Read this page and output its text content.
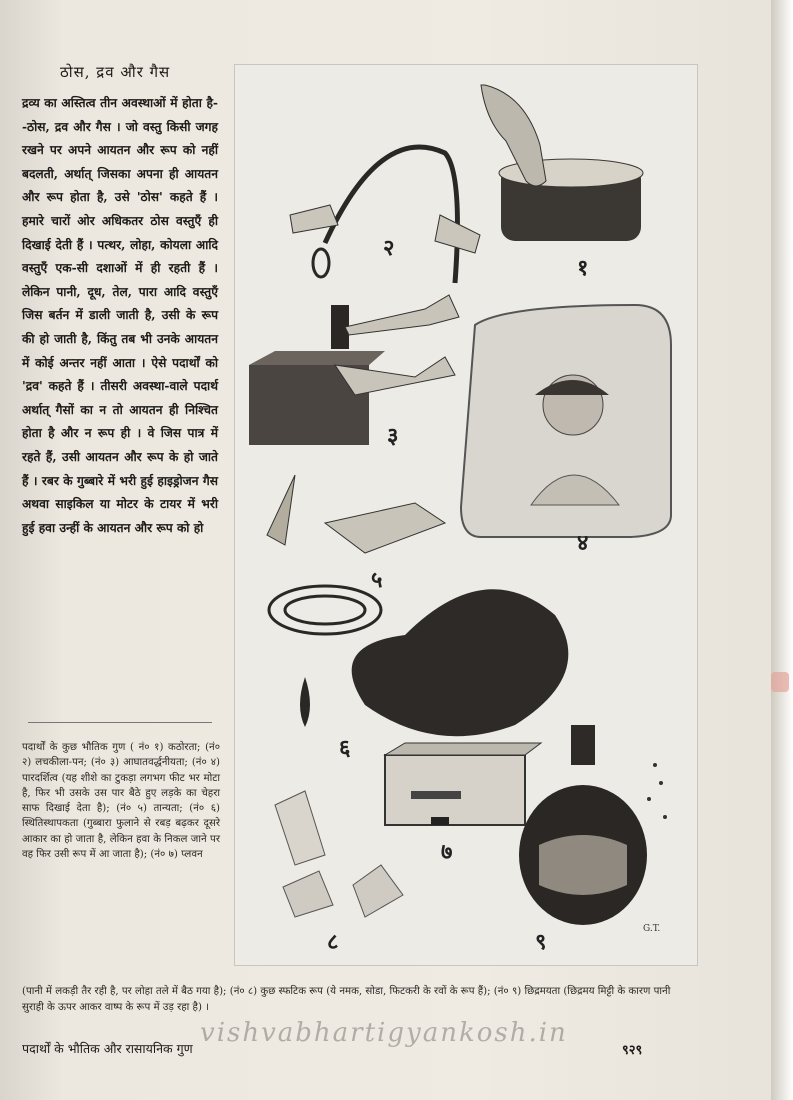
ठोस, द्रव और गैस
द्रव्य का अस्तित्व तीन अवस्थाओं में होता है--ठोस, द्रव और गैस । जो वस्तु किसी जगह रखने पर अपने आयतन और रूप को नहीं बदलती, अर्थात् जिसका अपना ही आयतन और रूप होता है, उसे 'ठोस' कहते हैं । हमारे चारों ओर अधिकतर ठोस वस्तुएँ ही दिखाई देती हैं । पत्थर, लोहा, कोयला आदि वस्तुएँ एक-सी दशाओं में ही रहती हैं । लेकिन पानी, दूध, तेल, पारा आदि वस्तुएँ जिस बर्तन में डाली जाती है, उसी के रूप की हो जाती है, किंतु तब भी उनके आयतन में कोई अन्तर नहीं आता । ऐसे पदार्थों को 'द्रव' कहते हैं । तीसरी अवस्था-वाले पदार्थ अर्थात् गैसों का न तो आयतन ही निश्चित होता है और न रूप ही । वे जिस पात्र में रहते हैं, उसी आयतन और रूप के हो जाते हैं । रबर के गुब्बारे में भरी हुई हाइड्रोजन गैस अथवा साइकिल या मोटर के टायर में भरी हुई हवा उन्हीं के आयतन और रूप को हो
पदार्थों के कुछ भौतिक गुण ( नं० १) कठोरता; (नं० २) लचकीला-पन; (नं० ३) आघातवर्द्धनीयता; (नं० ४) पारदर्शित्व (यह शीशे का टुकड़ा लगभग फीट भर मोटा है, फिर भी उसके उस पार बैठे हुए लड़के का चेहरा साफ दिखाई देता है); (नं० ५) तान्यता; (नं० ६) स्थितिस्थापकता (गुब्बारा फुलाने से रबड़ बढ़कर दूसरे आकार का हो जाता है, लेकिन हवा के निकल जाने पर वह फिर उसी रूप में आ जाता है); (नं० ७) प्लवन
(पानी में लकड़ी तैर रही है, पर लोहा तले में बैठ गया है); (नं० ८) कुछ स्फटिक रूप (ये नमक, सोडा, फिटकरी के रवों के रूप हैं); (नं० ९) छिद्रमयता (छिद्रमय मिट्टी के कारण पानी सुराही के ऊपर आकर वाष्प के रूप में उड़ रहा है) ।
vishvabhartigyankosh.in
पदार्थों के भौतिक और रासायनिक गुण	९२९
२
१
३
४
५
६
७
८	९	G.T.
